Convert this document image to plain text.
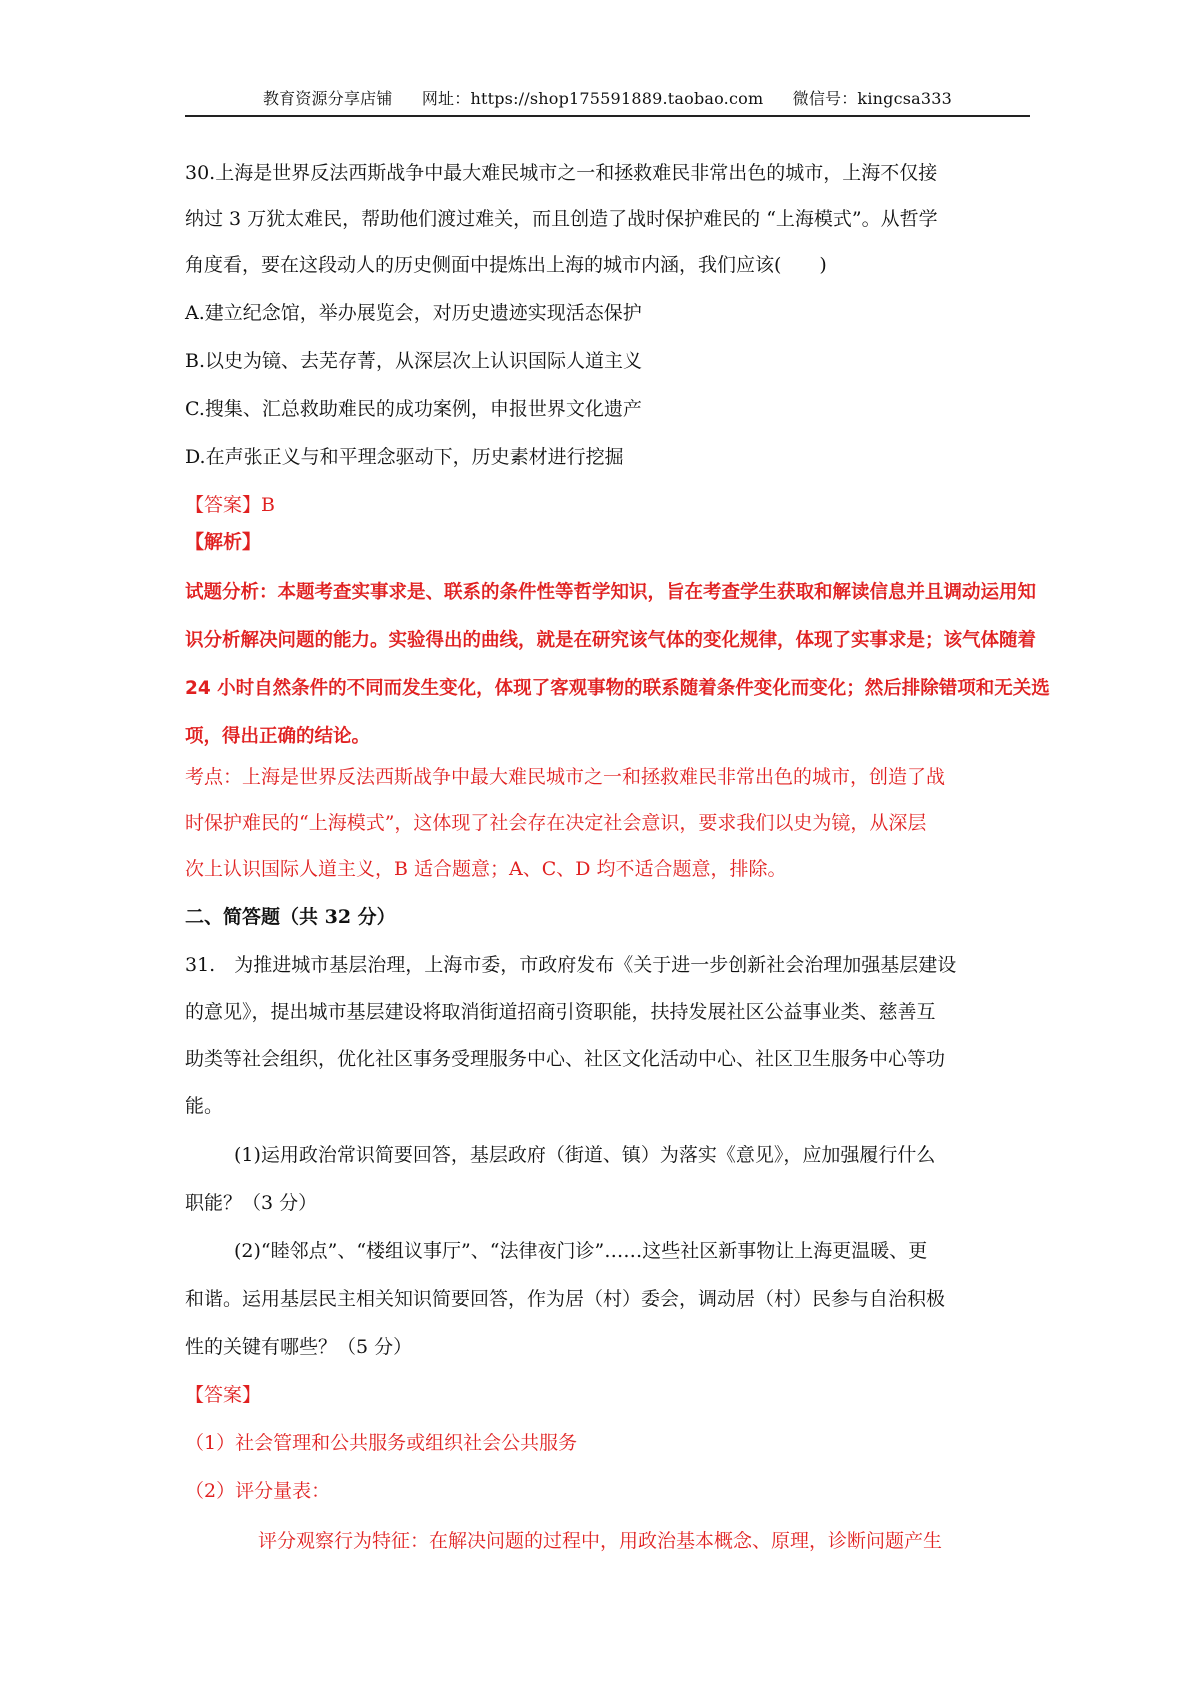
教育资源分享店铺 网址：https://shop175591889.taobao.com 微信号：kingcsa333
30.上海是世界反法西斯战争中最大难民城市之一和拯救难民非常出色的城市，上海不仅接
纳过 3 万犹太难民，帮助他们渡过难关，而且创造了战时保护难民的 “上海模式”。从哲学
角度看，要在这段动人的历史侧面中提炼出上海的城市内涵，我们应该(　　)
A.建立纪念馆，举办展览会，对历史遗迹实现活态保护
B.以史为镜、去芜存菁，从深层次上认识国际人道主义
C.搜集、汇总救助难民的成功案例，申报世界文化遗产
D.在声张正义与和平理念驱动下，历史素材进行挖掘
【答案】B
【解析】
试题分析：本题考查实事求是、联系的条件性等哲学知识，旨在考查学生获取和解读信息并且调动运用知
识分析解决问题的能力。实验得出的曲线，就是在研究该气体的变化规律，体现了实事求是；该气体随着
24 小时自然条件的不同而发生变化，体现了客观事物的联系随着条件变化而变化；然后排除错项和无关选
项，得出正确的结论。
考点：上海是世界反法西斯战争中最大难民城市之一和拯救难民非常出色的城市，创造了战
时保护难民的“上海模式”，这体现了社会存在决定社会意识，要求我们以史为镜，从深层
次上认识国际人道主义，B 适合题意；A、C、D 均不适合题意，排除。
二、简答题（共 32 分）
31.　为推进城市基层治理，上海市委，市政府发布《关于进一步创新社会治理加强基层建设
的意见》，提出城市基层建设将取消街道招商引资职能，扶持发展社区公益事业类、慈善互
助类等社会组织，优化社区事务受理服务中心、社区文化活动中心、社区卫生服务中心等功
能。
(1)运用政治常识简要回答，基层政府（街道、镇）为落实《意见》，应加强履行什么
职能？（3 分）
(2)“睦邻点”、“楼组议事厅”、“法律夜门诊”……这些社区新事物让上海更温暖、更
和谐。运用基层民主相关知识简要回答，作为居（村）委会，调动居（村）民参与自治积极
性的关键有哪些？（5 分）
【答案】
（1）社会管理和公共服务或组织社会公共服务
（2）评分量表：
评分观察行为特征：在解决问题的过程中，用政治基本概念、原理，诊断问题产生
